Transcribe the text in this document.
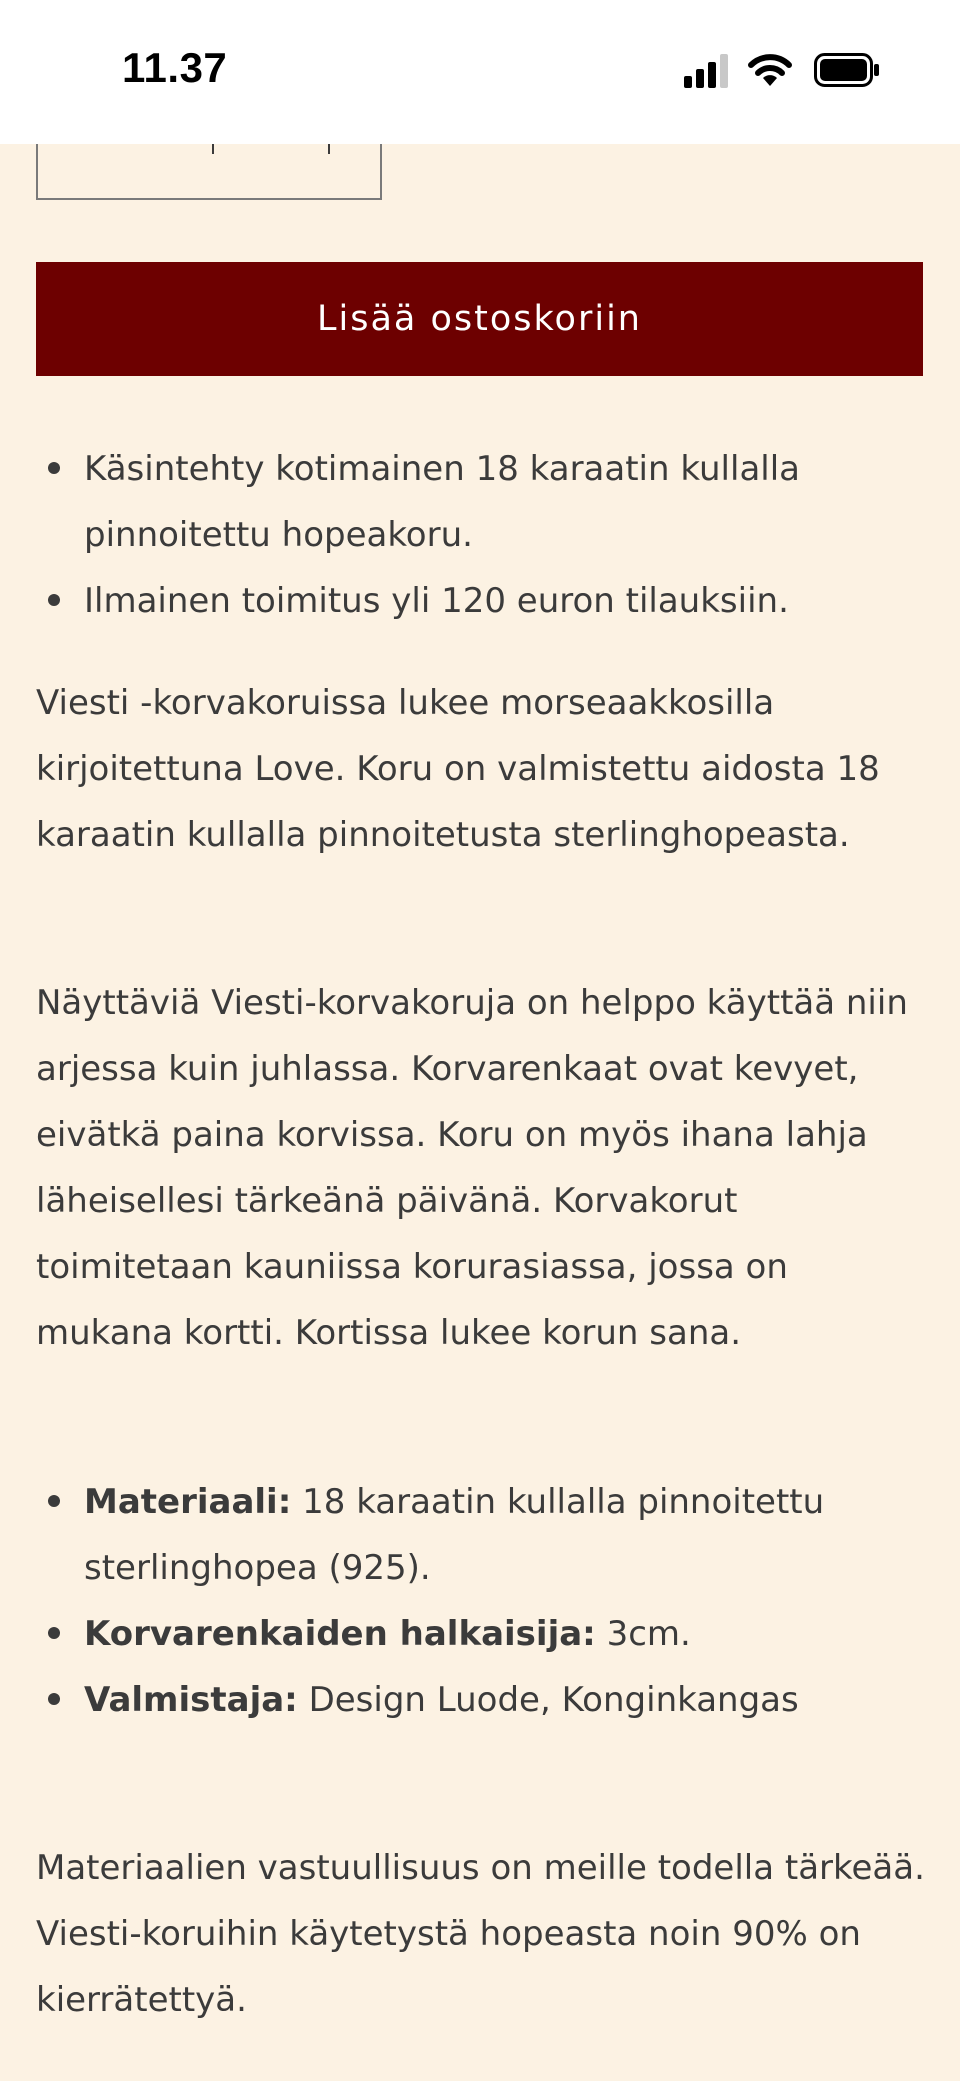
11.37
Lisää ostoskoriin
Käsintehty kotimainen 18 karaatin kullalla pinnoitettu hopeakoru.
Ilmainen toimitus yli 120 euron tilauksiin.

Viesti -korvakoruissa lukee morseaakkosilla kirjoitettuna Love. Koru on valmistettu aidosta 18 karaatin kullalla pinnoitetusta sterlinghopeasta.

Näyttäviä Viesti-korvakoruja on helppo käyttää niin arjessa kuin juhlassa. Korvarenkaat ovat kevyet, eivätkä paina korvissa. Koru on myös ihana lahja läheisellesi tärkeänä päivänä. Korvakorut toimitetaan kauniissa korurasiassa, jossa on mukana kortti. Kortissa lukee korun sana.

Materiaali: 18 karaatin kullalla pinnoitettu sterlinghopea (925).
Korvarenkaiden halkaisija: 3cm.
Valmistaja: Design Luode, Konginkangas

Materiaalien vastuullisuus on meille todella tärkeää. Viesti-koruihin käytetystä hopeasta noin 90% on kierrätettyä.
